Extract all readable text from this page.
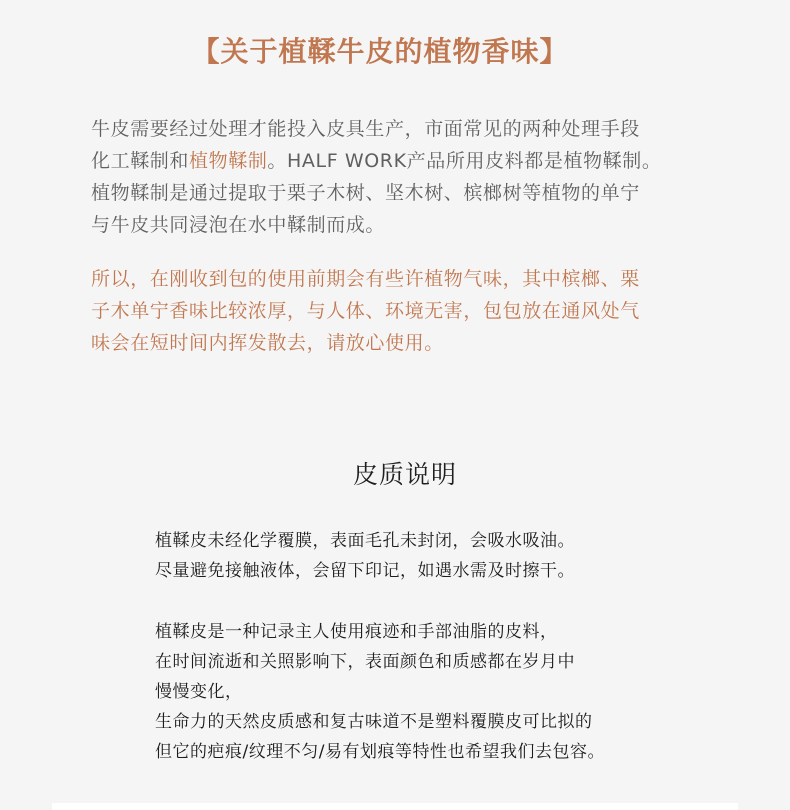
【关于植鞣牛皮的植物香味】
牛皮需要经过处理才能投入皮具生产，市面常见的两种处理手段
化工鞣制和植物鞣制。HALF WORK产品所用皮料都是植物鞣制。
植物鞣制是通过提取于栗子木树、坚木树、槟榔树等植物的单宁
与牛皮共同浸泡在水中鞣制而成。
所以，在刚收到包的使用前期会有些许植物气味，其中槟榔、栗
子木单宁香味比较浓厚，与人体、环境无害，包包放在通风处气
味会在短时间内挥发散去，请放心使用。
皮质说明
植鞣皮未经化学覆膜，表面毛孔未封闭，会吸水吸油。
尽量避免接触液体，会留下印记，如遇水需及时擦干。
植鞣皮是一种记录主人使用痕迹和手部油脂的皮料，
在时间流逝和关照影响下，表面颜色和质感都在岁月中
慢慢变化，
生命力的天然皮质感和复古味道不是塑料覆膜皮可比拟的
但它的疤痕/纹理不匀/易有划痕等特性也希望我们去包容。
